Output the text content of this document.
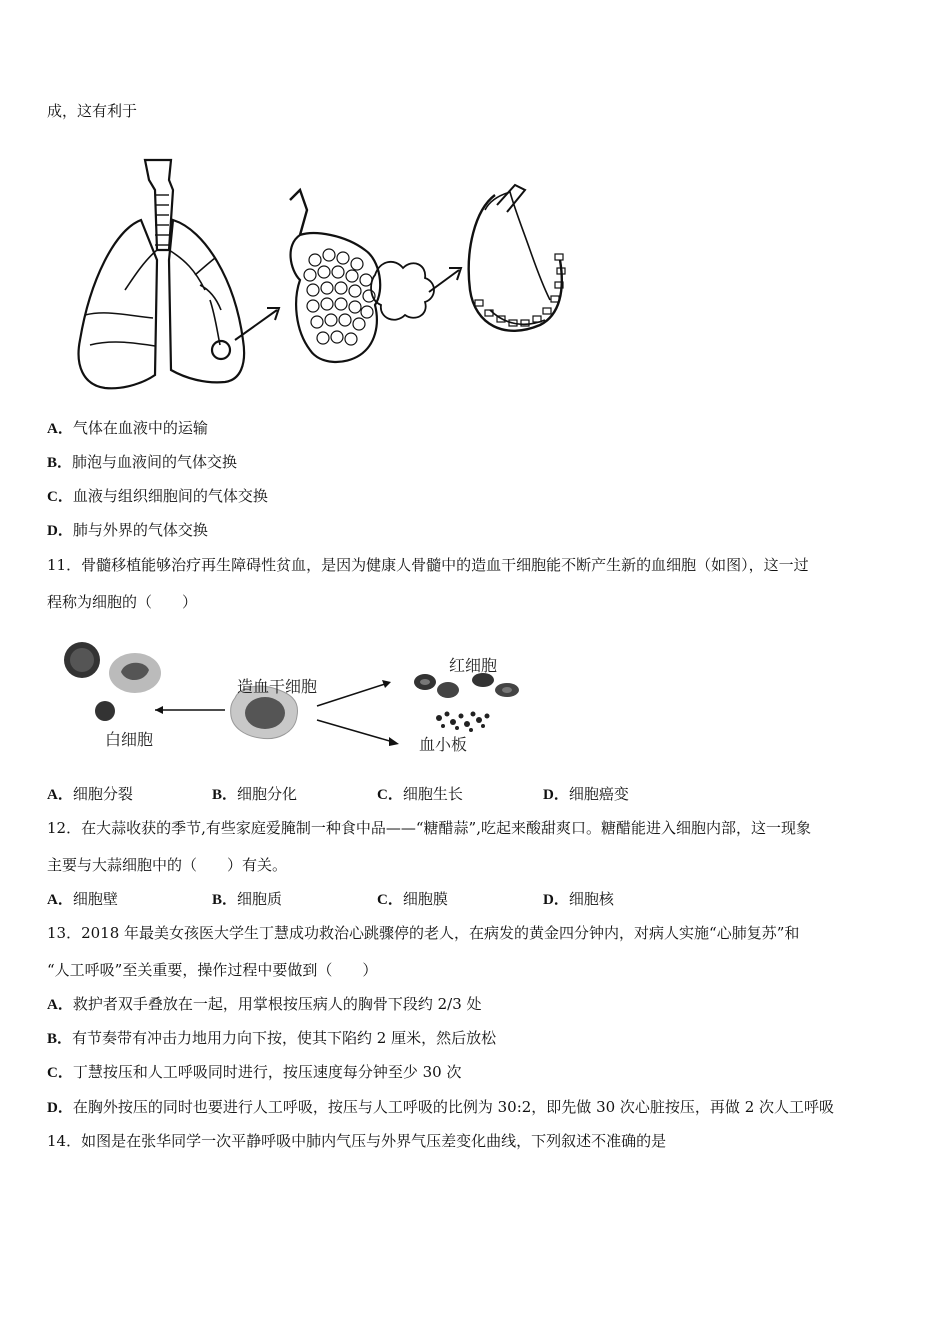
成，这有利于
A．气体在血液中的运输
B．肺泡与血液间的气体交换
C．血液与组织细胞间的气体交换
D．肺与外界的气体交换
11．骨髓移植能够治疗再生障碍性贫血，是因为健康人骨髓中的造血干细胞能不断产生新的血细胞（如图），这一过
程称为细胞的（　　）
造血干细胞
红细胞
血小板
白细胞
A．细胞分裂	B．细胞分化	C．细胞生长	D．细胞癌变
12．在大蒜收获的季节,有些家庭爱腌制一种食中品——“糖醋蒜”,吃起来酸甜爽口。糖醋能进入细胞内部，这一现象
主要与大蒜细胞中的（　　）有关。
A．细胞壁	B．细胞质	C．细胞膜	D．细胞核
13．2018 年最美女孩医大学生丁慧成功救治心跳骤停的老人，在病发的黄金四分钟内，对病人实施“心肺复苏”和
“人工呼吸”至关重要，操作过程中要做到（　　）
A．救护者双手叠放在一起，用掌根按压病人的胸骨下段约 2/3 处
B．有节奏带有冲击力地用力向下按，使其下陷约 2 厘米，然后放松
C．丁慧按压和人工呼吸同时进行，按压速度每分钟至少 30 次
D．在胸外按压的同时也要进行人工呼吸，按压与人工呼吸的比例为 30:2，即先做 30 次心脏按压，再做 2 次人工呼吸
14．如图是在张华同学一次平静呼吸中肺内气压与外界气压差变化曲线，下列叙述不准确的是
